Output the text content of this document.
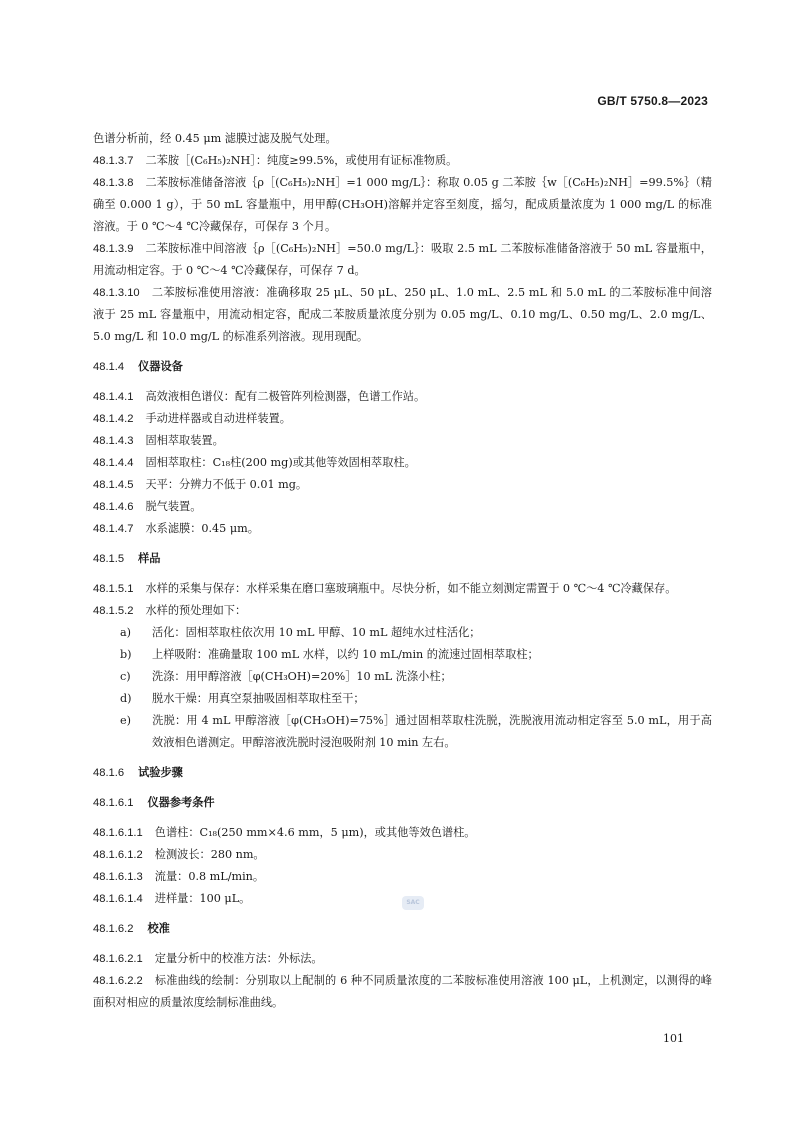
GB/T 5750.8—2023

色谱分析前，经 0.45 μm 滤膜过滤及脱气处理。

48.1.3.7 二苯胺［(C₆H₅)₂NH］：纯度≥99.5%，或使用有证标准物质。

48.1.3.8 二苯胺标准储备溶液｛ρ［(C₆H₅)₂NH］=1 000 mg/L｝：称取 0.05 g 二苯胺｛w［(C₆H₅)₂NH］=99.5%｝（精确至 0.000 1 g），于 50 mL 容量瓶中，用甲醇(CH₃OH)溶解并定容至刻度，摇匀，配成质量浓度为 1 000 mg/L 的标准溶液。于 0 ℃～4 ℃冷藏保存，可保存 3 个月。

48.1.3.9 二苯胺标准中间溶液｛ρ［(C₆H₅)₂NH］=50.0 mg/L｝：吸取 2.5 mL 二苯胺标准储备溶液于 50 mL 容量瓶中，用流动相定容。于 0 ℃～4 ℃冷藏保存，可保存 7 d。

48.1.3.10 二苯胺标准使用溶液：准确移取 25 μL、50 μL、250 μL、1.0 mL、2.5 mL 和 5.0 mL 的二苯胺标准中间溶液于 25 mL 容量瓶中，用流动相定容，配成二苯胺质量浓度分别为 0.05 mg/L、0.10 mg/L、0.50 mg/L、2.0 mg/L、5.0 mg/L 和 10.0 mg/L 的标准系列溶液。现用现配。

48.1.4 仪器设备

48.1.4.1 高效液相色谱仪：配有二极管阵列检测器，色谱工作站。

48.1.4.2 手动进样器或自动进样装置。

48.1.4.3 固相萃取装置。

48.1.4.4 固相萃取柱：C₁₈柱(200 mg)或其他等效固相萃取柱。

48.1.4.5 天平：分辨力不低于 0.01 mg。

48.1.4.6 脱气装置。

48.1.4.7 水系滤膜：0.45 μm。

48.1.5 样品

48.1.5.1 水样的采集与保存：水样采集在磨口塞玻璃瓶中。尽快分析，如不能立刻测定需置于 0 ℃～4 ℃冷藏保存。

48.1.5.2 水样的预处理如下：

a) 活化：固相萃取柱依次用 10 mL 甲醇、10 mL 超纯水过柱活化；

b) 上样吸附：准确量取 100 mL 水样，以约 10 mL/min 的流速过固相萃取柱；

c) 洗涤：用甲醇溶液［φ(CH₃OH)=20%］10 mL 洗涤小柱；

d) 脱水干燥：用真空泵抽吸固相萃取柱至干；

e) 洗脱：用 4 mL 甲醇溶液［φ(CH₃OH)=75%］通过固相萃取柱洗脱，洗脱液用流动相定容至 5.0 mL，用于高效液相色谱测定。甲醇溶液洗脱时浸泡吸附剂 10 min 左右。

48.1.6 试验步骤
48.1.6.1 仪器参考条件

48.1.6.1.1 色谱柱：C₁₈(250 mm×4.6 mm，5 μm)，或其他等效色谱柱。

48.1.6.1.2 检测波长：280 nm。

48.1.6.1.3 流量：0.8 mL/min。

48.1.6.1.4 进样量：100 μL。

48.1.6.2 校准

48.1.6.2.1 定量分析中的校准方法：外标法。

48.1.6.2.2 标准曲线的绘制：分别取以上配制的 6 种不同质量浓度的二苯胺标准使用溶液 100 μL，上机测定，以测得的峰面积对相应的质量浓度绘制标准曲线。

SAC
101
